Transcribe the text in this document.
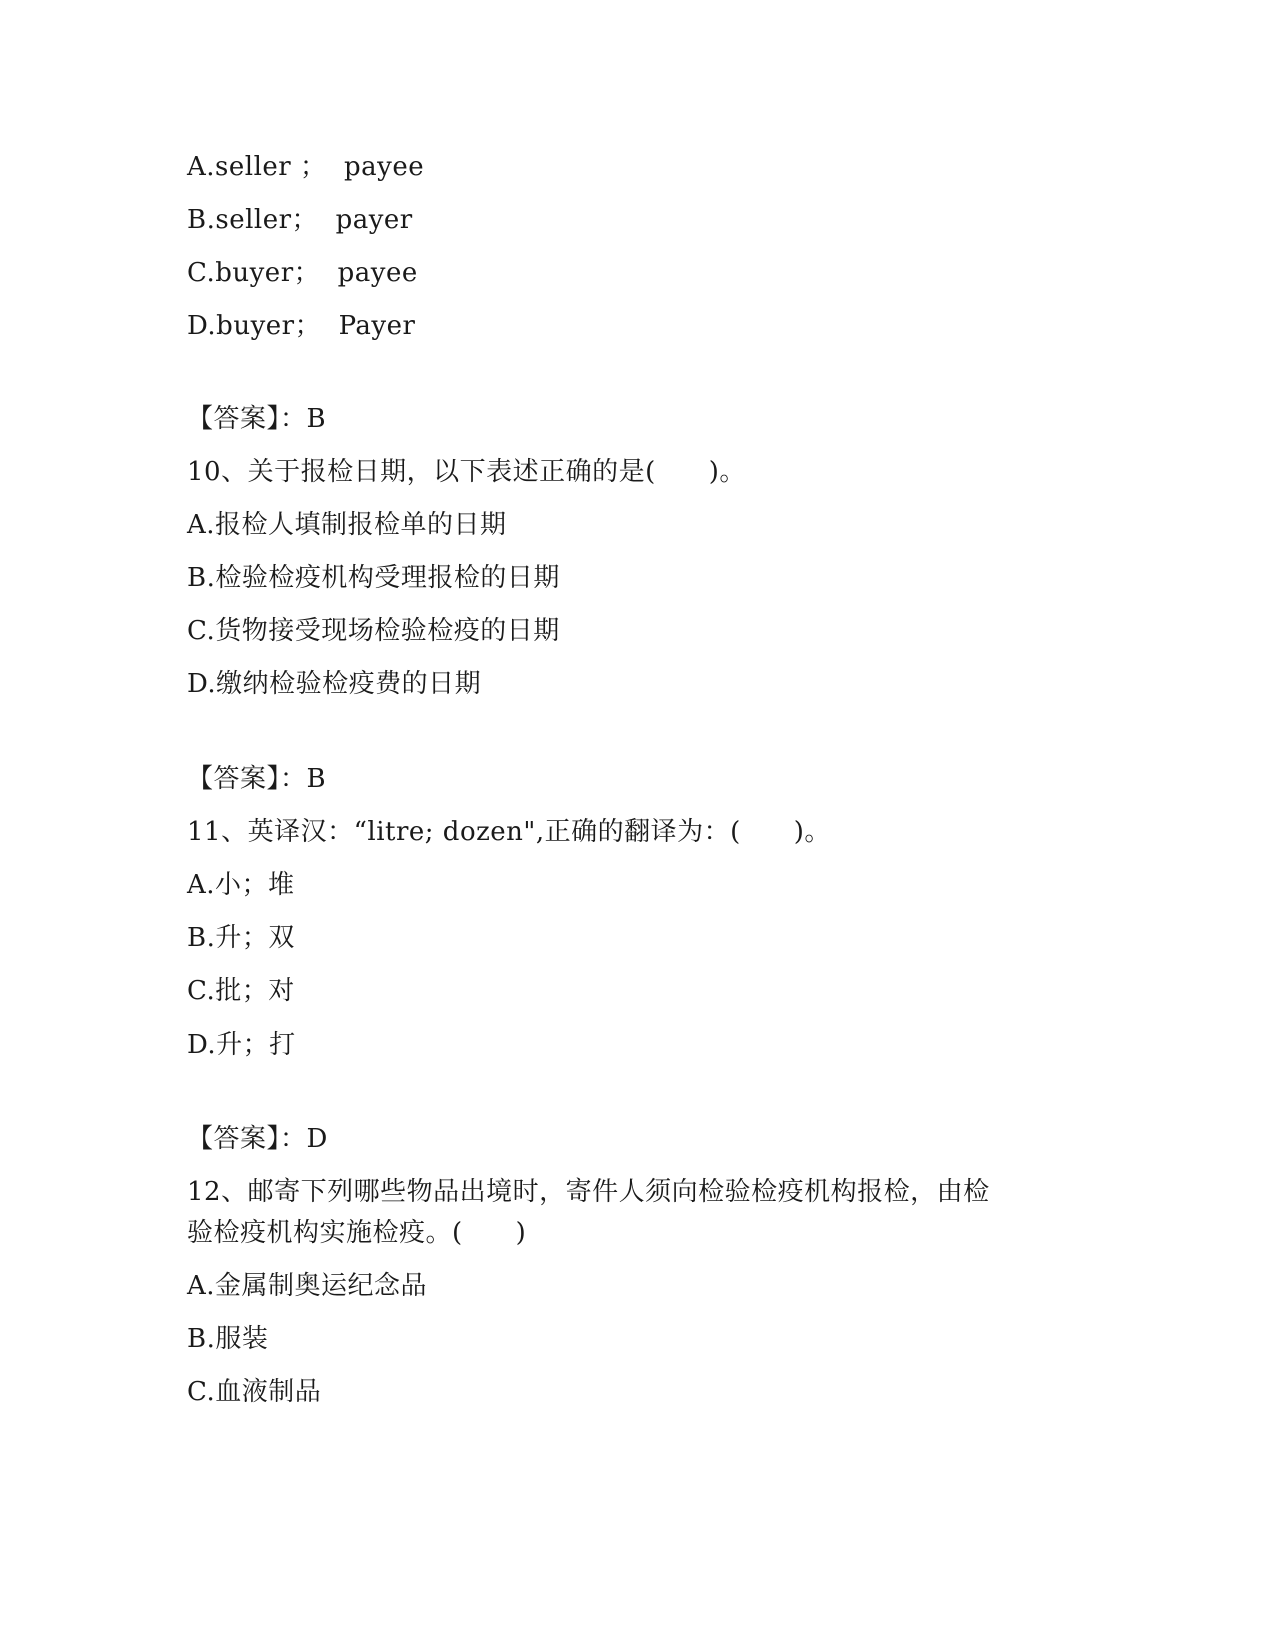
A.seller ；  payee
B.seller；  payer
C.buyer；  payee
D.buyer；  Payer
【答案】：B
10、关于报检日期，以下表述正确的是(　　)。
A.报检人填制报检单的日期
B.检验检疫机构受理报检的日期
C.货物接受现场检验检疫的日期
D.缴纳检验检疫费的日期
【答案】：B
11、英译汉：“litre; dozen",正确的翻译为：(　　)。
A.小；堆
B.升；双
C.批；对
D.升；打
【答案】：D
12、邮寄下列哪些物品出境时，寄件人须向检验检疫机构报检，由检
验检疫机构实施检疫。(　　)
A.金属制奥运纪念品
B.服装
C.血液制品
